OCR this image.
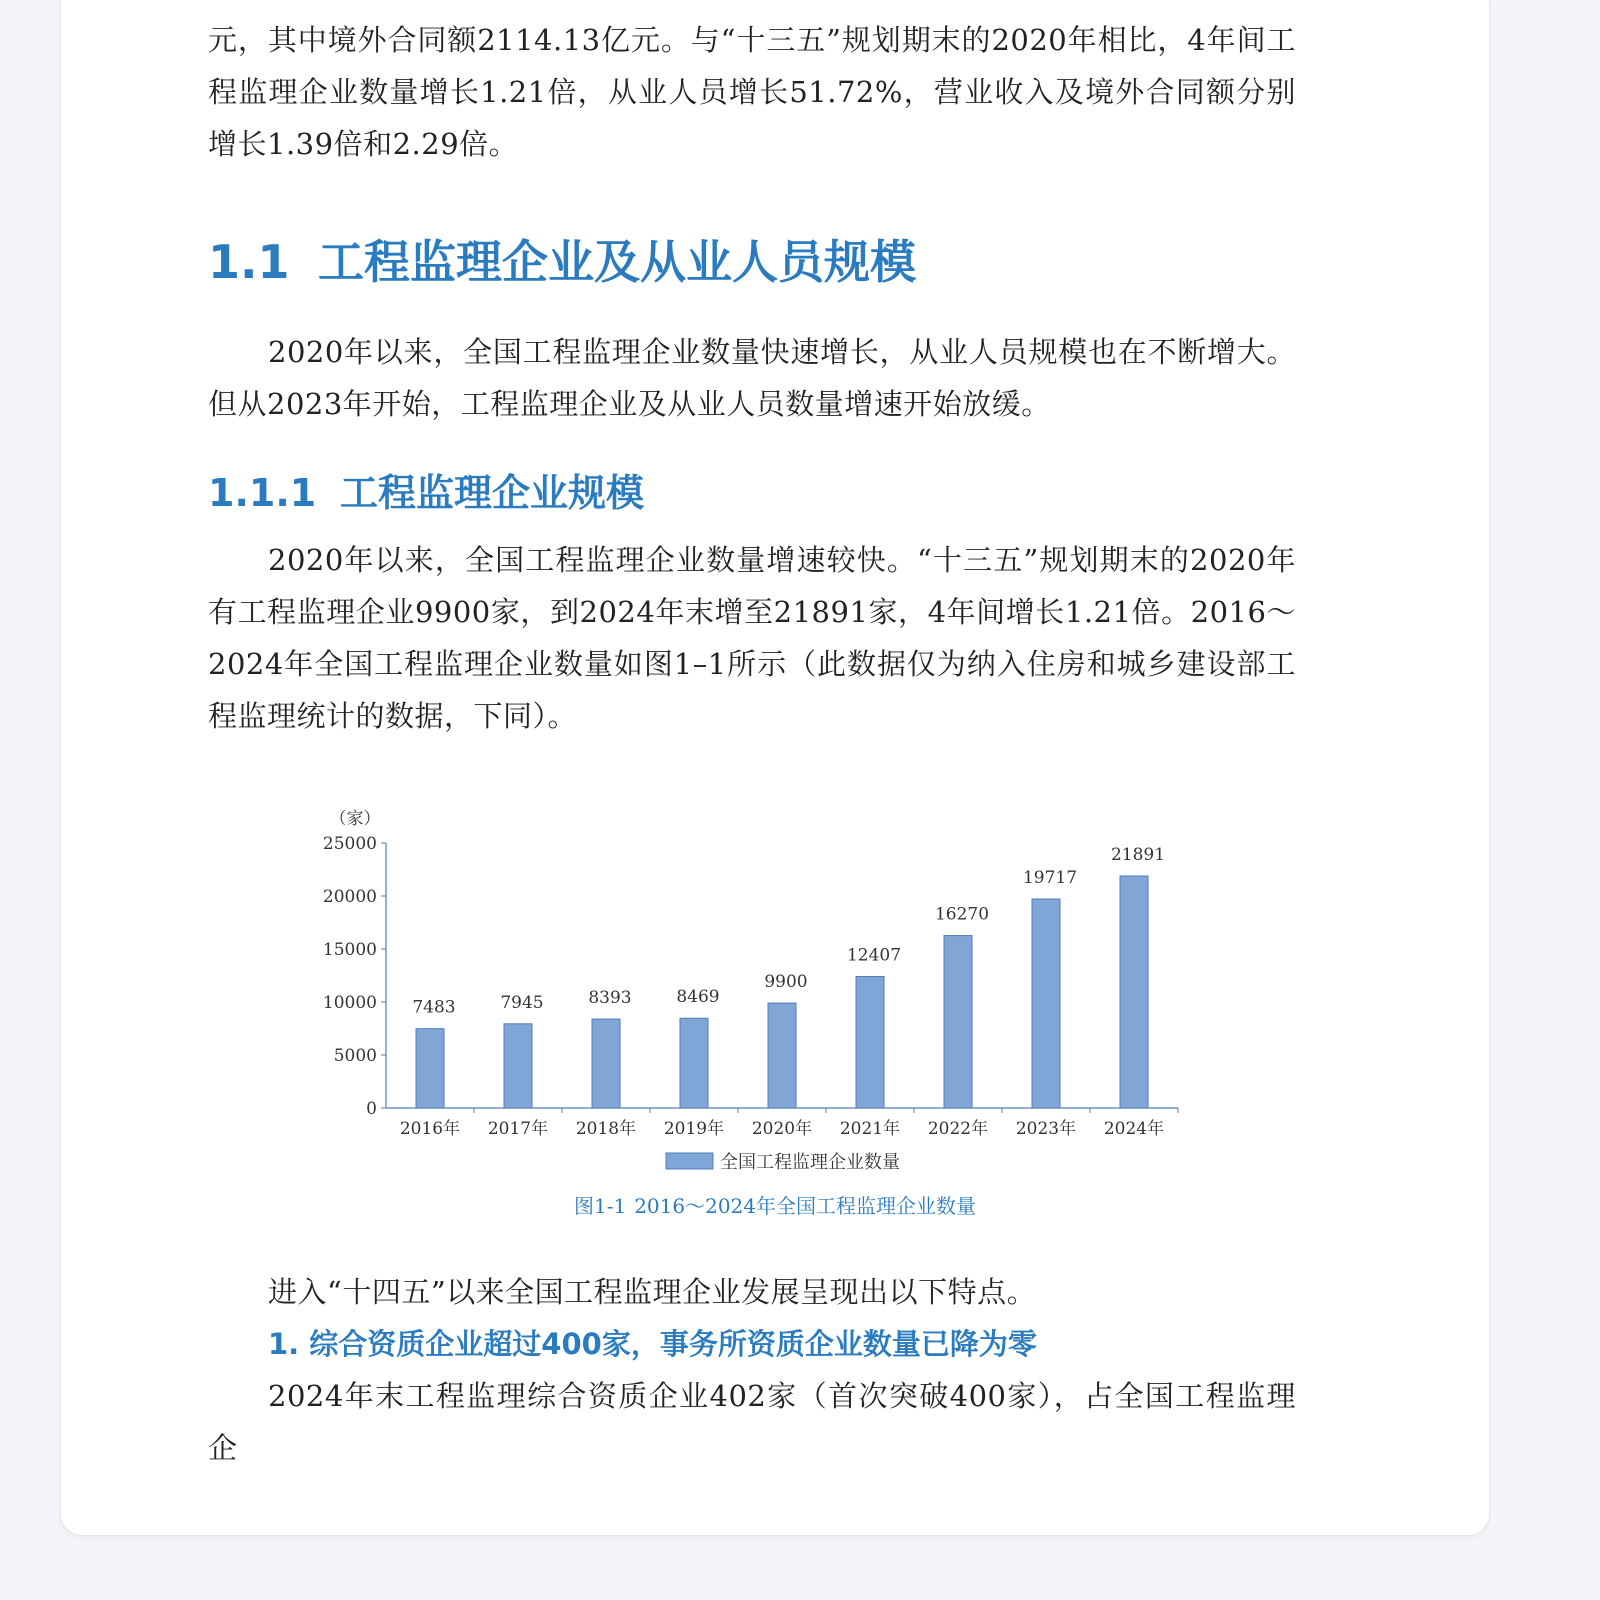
元，其中境外合同额2114.13亿元。与“十三五”规划期末的2020年相比，4年间工程监理企业数量增长1.21倍，从业人员增长51.72%，营业收入及境外合同额分别增长1.39倍和2.29倍。
1.1 工程监理企业及从业人员规模
2020年以来，全国工程监理企业数量快速增长，从业人员规模也在不断增大。但从2023年开始，工程监理企业及从业人员数量增速开始放缓。
1.1.1 工程监理企业规模
2020年以来，全国工程监理企业数量增速较快。“十三五”规划期末的2020年有工程监理企业9900家，到2024年末增至21891家，4年间增长1.21倍。2016～2024年全国工程监理企业数量如图1–1所示（此数据仅为纳入住房和城乡建设部工程监理统计的数据，下同）。
（家）
0
5000
10000
15000
20000
25000
7483
2016年
7945
2017年
8393
2018年
8469
2019年
9900
2020年
12407
2021年
16270
2022年
19717
2023年
21891
2024年
全国工程监理企业数量
图1-1 2016～2024年全国工程监理企业数量
进入“十四五”以来全国工程监理企业发展呈现出以下特点。
1. 综合资质企业超过400家，事务所资质企业数量已降为零
2024年末工程监理综合资质企业402家（首次突破400家），占全国工程监理企
